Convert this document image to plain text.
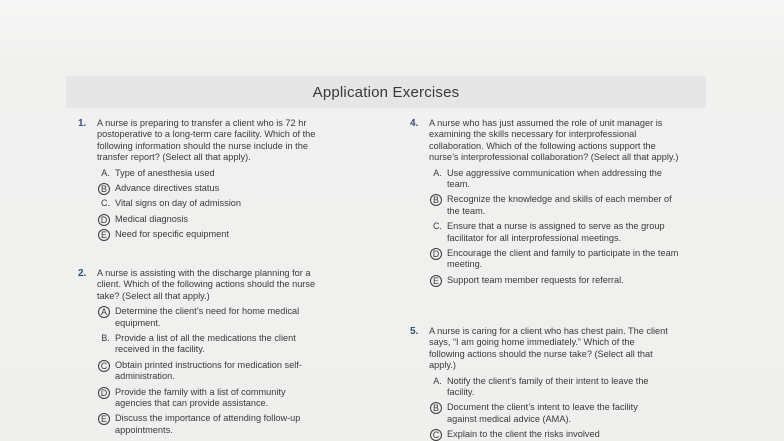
Application Exercises
1. A nurse is preparing to transfer a client who is 72 hr postoperative to a long-term care facility. Which of the following information should the nurse include in the transfer report? (Select all that apply).
A. Type of anesthesia used
B Advance directives status
C. Vital signs on day of admission
D Medical diagnosis
E Need for specific equipment
2. A nurse is assisting with the discharge planning for a client. Which of the following actions should the nurse take? (Select all that apply.)
A Determine the client’s need for home medical equipment.
B. Provide a list of all the medications the client received in the facility.
C Obtain printed instructions for medication self-administration.
D Provide the family with a list of community agencies that can provide assistance.
E Discuss the importance of attending follow-up appointments.
4. A nurse who has just assumed the role of unit manager is examining the skills necessary for interprofessional collaboration. Which of the following actions support the nurse’s interprofessional collaboration? (Select all that apply.)
A. Use aggressive communication when addressing the team.
B Recognize the knowledge and skills of each member of the team.
C. Ensure that a nurse is assigned to serve as the group facilitator for all interprofessional meetings.
D Encourage the client and family to participate in the team meeting.
E Support team member requests for referral.
5. A nurse is caring for a client who has chest pain. The client says, “I am going home immediately.” Which of the following actions should the nurse take? (Select all that apply.)
A. Notify the client’s family of their intent to leave the facility.
B Document the client’s intent to leave the facility against medical advice (AMA).
C Explain to the client the risks involved
